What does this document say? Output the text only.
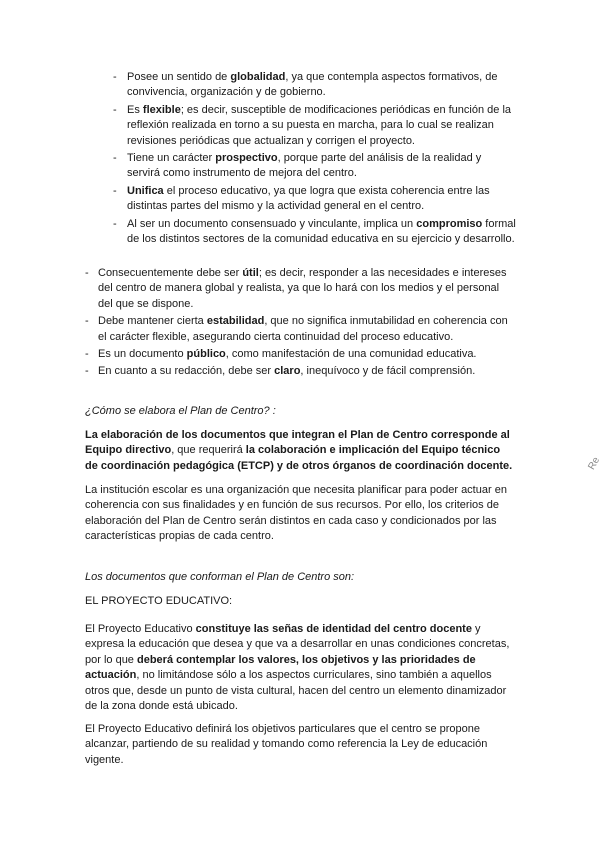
- Posee un sentido de globalidad, ya que contempla aspectos formativos, de convivencia, organización y de gobierno.
- Es flexible; es decir, susceptible de modificaciones periódicas en función de la reflexión realizada en torno a su puesta en marcha, para lo cual se realizan revisiones periódicas que actualizan y corrigen el proyecto.
- Tiene un carácter prospectivo, porque parte del análisis de la realidad y servirá como instrumento de mejora del centro.
- Unifica el proceso educativo, ya que logra que exista coherencia entre las distintas partes del mismo y la actividad general en el centro.
- Al ser un documento consensuado y vinculante, implica un compromiso formal de los distintos sectores de la comunidad educativa en su ejercicio y desarrollo.
- Consecuentemente debe ser útil; es decir, responder a las necesidades e intereses del centro de manera global y realista, ya que lo hará con los medios y el personal del que se dispone.
- Debe mantener cierta estabilidad, que no significa inmutabilidad en coherencia con el carácter flexible, asegurando cierta continuidad del proceso educativo.
- Es un documento público, como manifestación de una comunidad educativa.
- En cuanto a su redacción, debe ser claro, inequívoco y de fácil comprensión.
¿Cómo se elabora el Plan de Centro? :
La elaboración de los documentos que integran el Plan de Centro corresponde al Equipo directivo, que requerirá la colaboración e implicación del Equipo técnico de coordinación pedagógica (ETCP) y de otros órganos de coordinación docente.
La institución escolar es una organización que necesita planificar para poder actuar en coherencia con sus finalidades y en función de sus recursos. Por ello, los criterios de elaboración del Plan de Centro serán distintos en cada caso y condicionados por las características propias de cada centro.
Los documentos que conforman el Plan de Centro son:
EL PROYECTO EDUCATIVO:
El Proyecto Educativo constituye las señas de identidad del centro docente y expresa la educación que desea y que va a desarrollar en unas condiciones concretas, por lo que deberá contemplar los valores, los objetivos y las prioridades de actuación, no limitándose sólo a los aspectos curriculares, sino también a aquellos otros que, desde un punto de vista cultural, hacen del centro un elemento dinamizador de la zona donde está ubicado.
El Proyecto Educativo definirá los objetivos particulares que el centro se propone alcanzar, partiendo de su realidad y tomando como referencia la Ley de educación vigente.
Re
